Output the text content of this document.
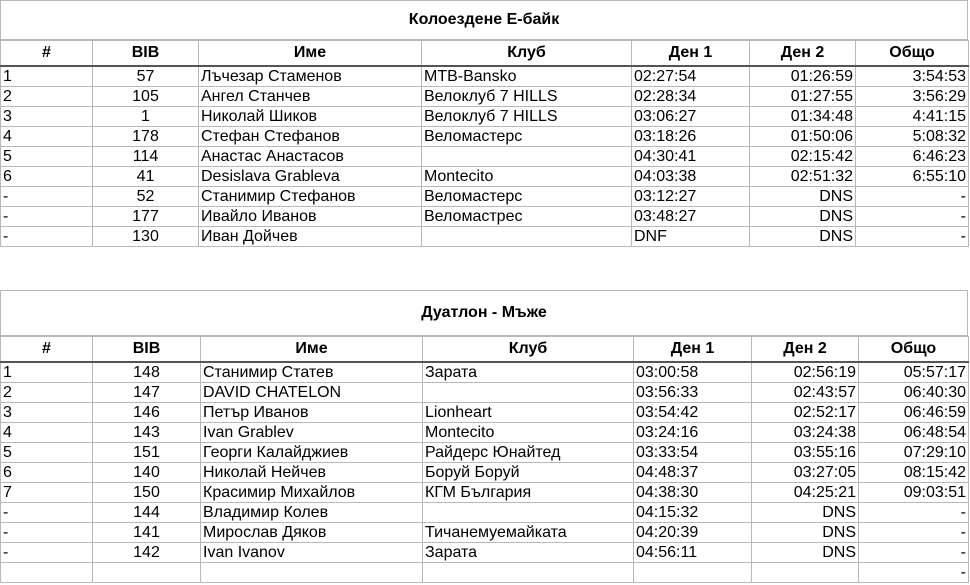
Колоездене Е-байк
#	BIB	Име	Клуб	Ден 1	Ден 2	Общо
1	57	Лъчезар Стаменов	MTB-Bansko	02:27:54	01:26:59	3:54:53
2	105	Ангел Станчев	Велоклуб 7 HILLS	02:28:34	01:27:55	3:56:29
3	1	Николай Шиков	Велоклуб 7 HILLS	03:06:27	01:34:48	4:41:15
4	178	Стефан Стефанов	Веломастерс	03:18:26	01:50:06	5:08:32
5	114	Анастас Анастасов		04:30:41	02:15:42	6:46:23
6	41	Desislava Grableva	Montecito	04:03:38	02:51:32	6:55:10
-	52	Станимир Стефанов	Веломастерс	03:12:27	DNS	-
-	177	Ивайло Иванов	Веломастрес	03:48:27	DNS	-
-	130	Иван Дойчев		DNF	DNS	-
Дуатлон - Мъже
#	BIB	Име	Клуб	Ден 1	Ден 2	Общо
1	148	Станимир Статев	Зарата	03:00:58	02:56:19	05:57:17
2	147	DAVID CHATELON		03:56:33	02:43:57	06:40:30
3	146	Петър Иванов	Lionheart	03:54:42	02:52:17	06:46:59
4	143	Ivan Grablev	Montecito	03:24:16	03:24:38	06:48:54
5	151	Георги Калайджиев	Райдерс Юнайтед	03:33:54	03:55:16	07:29:10
6	140	Николай Нейчев	Боруй Боруй	04:48:37	03:27:05	08:15:42
7	150	Красимир Михайлов	КГМ България	04:38:30	04:25:21	09:03:51
-	144	Владимир Колев		04:15:32	DNS	-
-	141	Мирослав Дяков	Тичанемуемайката	04:20:39	DNS	-
-	142	Ivan Ivanov	Зарата	04:56:11	DNS	-
						-
